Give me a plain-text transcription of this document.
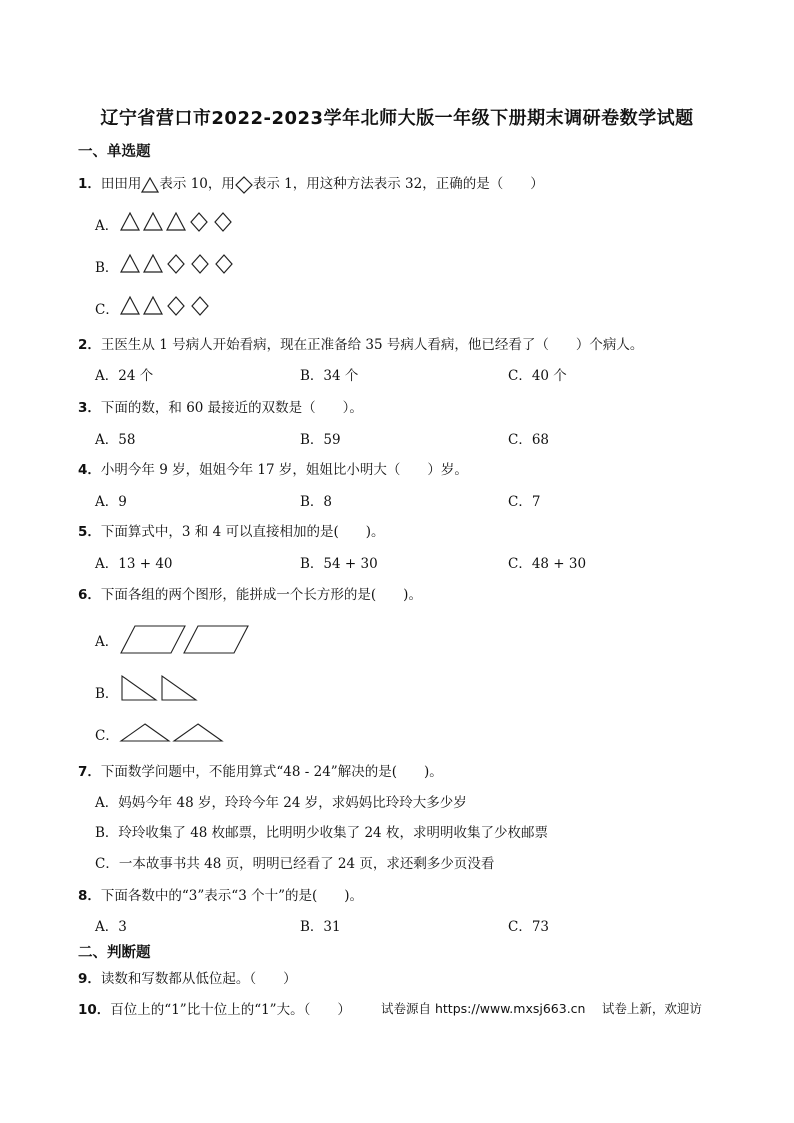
辽宁省营口市2022-2023学年北师大版一年级下册期末调研卷数学试题
一、单选题
1．田田用 表示 10，用 表示 1，用这种方法表示 32，正确的是（　　）
A．
B．
C．
2．王医生从 1 号病人开始看病，现在正准备给 35 号病人看病，他已经看了（　　）个病人。
A．24 个	B．34 个	C．40 个
3．下面的数，和 60 最接近的双数是（　　）。
A．58	B．59	C．68
4．小明今年 9 岁，姐姐今年 17 岁，姐姐比小明大（　　）岁。
A．9	B．8	C．7
5．下面算式中，3 和 4 可以直接相加的是(　　)。
A．13 + 40	B．54 + 30	C．48 + 30
6．下面各组的两个图形，能拼成一个长方形的是(　　)。
A．
B．
C．
7．下面数学问题中，不能用算式“48 - 24”解决的是(　　)。
A．妈妈今年 48 岁，玲玲今年 24 岁，求妈妈比玲玲大多少岁
B．玲玲收集了 48 枚邮票，比明明少收集了 24 枚，求明明收集了少枚邮票
C．一本故事书共 48 页，明明已经看了 24 页，求还剩多少页没看
8．下面各数中的“3”表示“3 个十”的是(　　)。
A．3	B．31	C．73
二、判断题
9．读数和写数都从低位起。（　　）
10．百位上的“1”比十位上的“1”大。（　　） 试卷源自 https://www.mxsj663.cn　 试卷上新，欢迎访
